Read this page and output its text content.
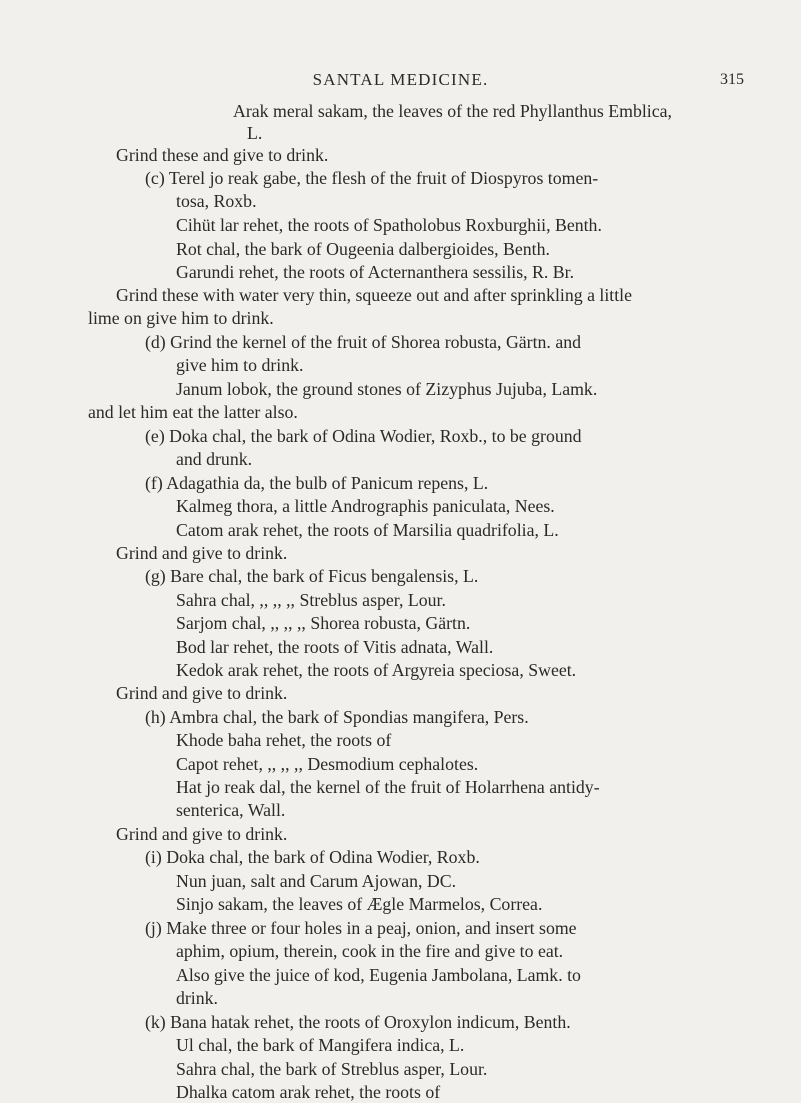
SANTAL MEDICINE.	315
Arak meral sakam, the leaves of the red Phyllanthus Emblica,
L.
Grind these and give to drink.
(c) Terel jo reak gabe, the flesh of the fruit of Diospyros tomen-
tosa, Roxb.
Cihüt lar rehet, the roots of Spatholobus Roxburghii, Benth.
Rot chal, the bark of Ougeenia dalbergioides, Benth.
Garundi rehet, the roots of Acternanthera sessilis, R. Br.
Grind these with water very thin, squeeze out and after sprinkling a little
lime on give him to drink.
(d) Grind the kernel of the fruit of Shorea robusta, Gärtn. and
give him to drink.
Janum lobok, the ground stones of Zizyphus Jujuba, Lamk.
and let him eat the latter also.
(e) Doka chal, the bark of Odina Wodier, Roxb., to be ground
and drunk.
(f) Adagathia da, the bulb of Panicum repens, L.
Kalmeg thora, a little Andrographis paniculata, Nees.
Catom arak rehet, the roots of Marsilia quadrifolia, L.
Grind and give to drink.
(g) Bare chal, the bark of Ficus bengalensis, L.
Sahra chal, ,, ,, ,, Streblus asper, Lour.
Sarjom chal, ,, ,, ,, Shorea robusta, Gärtn.
Bod lar rehet, the roots of Vitis adnata, Wall.
Kedok arak rehet, the roots of Argyreia speciosa, Sweet.
Grind and give to drink.
(h) Ambra chal, the bark of Spondias mangifera, Pers.
Khode baha rehet, the roots of
Capot rehet, ,, ,, ,, Desmodium cephalotes.
Hat jo reak dal, the kernel of the fruit of Holarrhena antidy-
senterica, Wall.
Grind and give to drink.
(i) Doka chal, the bark of Odina Wodier, Roxb.
Nun juan, salt and Carum Ajowan, DC.
Sinjo sakam, the leaves of Ægle Marmelos, Correa.
(j) Make three or four holes in a peaj, onion, and insert some
aphim, opium, therein, cook in the fire and give to eat.
Also give the juice of kod, Eugenia Jambolana, Lamk. to
drink.
(k) Bana hatak rehet, the roots of Oroxylon indicum, Benth.
Ul chal, the bark of Mangifera indica, L.
Sahra chal, the bark of Streblus asper, Lour.
Dhalka catom arak rehet, the roots of
